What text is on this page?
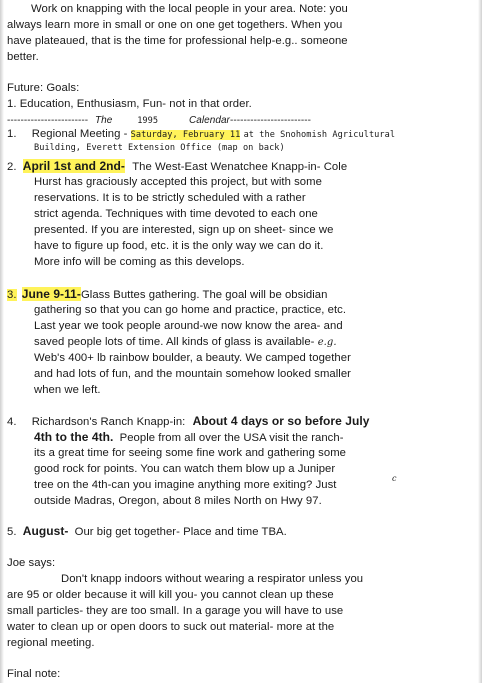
Work on knapping with the local people in your area. Note: you
always learn more in small or one on one get togethers. When you
have plateaued, that is the time for professional help-e.g.. someone
better.
Future: Goals:
1. Education, Enthusiasm, Fun- not in that order.
------------------------ The	1995	Calendar------------------------
1. Regional Meeting - Saturday, February 11 at the Snohomish Agricultural
Building, Everett Extension Office (map on back)
2. April 1st and 2nd- The West-East Wenatchee Knapp-in- Cole
Hurst has graciously accepted this project, but with some
reservations. It is to be strictly scheduled with a rather
strict agenda. Techniques with time devoted to each one
presented. If you are interested, sign up on sheet- since we
have to figure up food, etc. it is the only way we can do it.
More info will be coming as this develops.
3. June 9-11-Glass Buttes gathering. The goal will be obsidian
gathering so that you can go home and practice, practice, etc.
Last year we took people around-we now know the area- and
saved people lots of time. All kinds of glass is available- e.g.
Web's 400+ lb rainbow boulder, a beauty. We camped together
and had lots of fun, and the mountain somehow looked smaller
when we left.
4. Richardson's Ranch Knapp-in: About 4 days or so before July
4th to the 4th. People from all over the USA visit the ranch-
its a great time for seeing some fine work and gathering some
good rock for points. You can watch them blow up a Juniper
tree on the 4th-can you imagine anything more exiting? Just
c
outside Madras, Oregon, about 8 miles North on Hwy 97.
5. August- Our big get together- Place and time TBA.
Joe says:
Don't knapp indoors without wearing a respirator unless you
are 95 or older because it will kill you- you cannot clean up these
small particles- they are too small. In a garage you will have to use
water to clean up or open doors to suck out material- more at the
regional meeting.
Final note:
